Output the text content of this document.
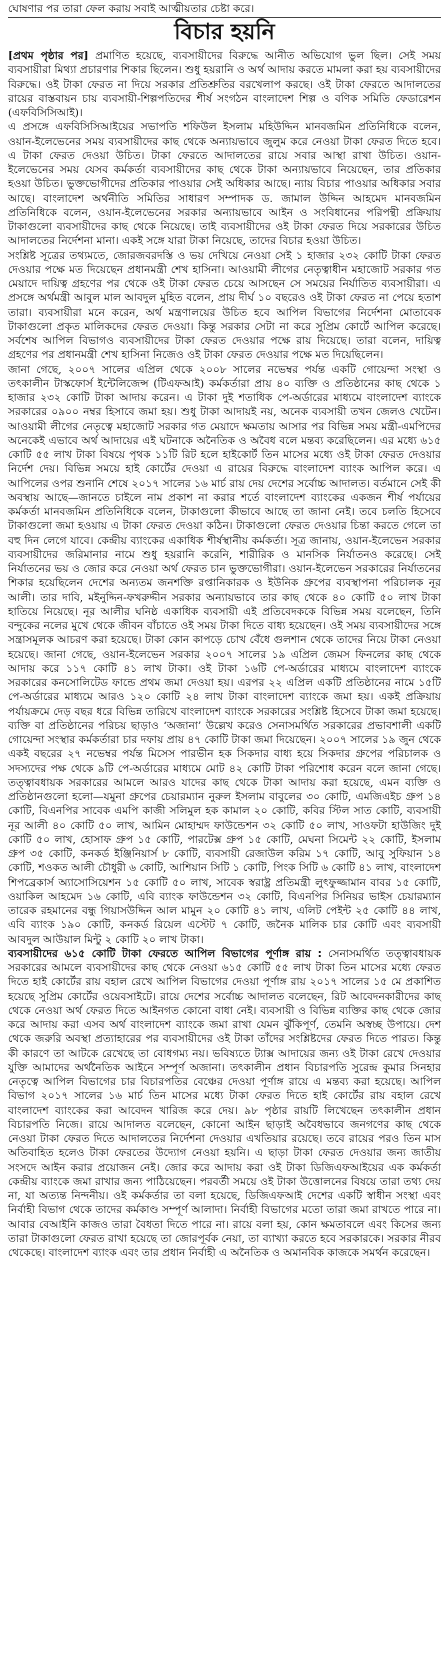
ঘোষণার পর তারা ফেল করায় সবাই আত্মীয়তার চেষ্টা করে।

বিচার হয়নি

[প্রথম পৃষ্ঠার পর] প্রমাণিত হয়েছে, ব্যবসায়ীদের বিরুদ্ধে আনীত অভিযোগ ভুল ছিল। সেই সময় ব্যবসায়ীরা মিথ্যা প্রচারণার শিকার ছিলেন। শুধু হয়রানি ও অর্থ আদায় করতে মামলা করা হয় ব্যবসায়ীদের বিরুদ্ধে। ওই টাকা ফেরত না দিয়ে সরকার প্রতিশ্রুতির বরখেলাপ করছে। ওই টাকা ফেরতে আদালতের রায়ের বাস্তবায়ন চায় ব্যবসায়ী-শিল্পপতিদের শীর্ষ সংগঠন বাংলাদেশ শিল্প ও বণিক সমিতি ফেডারেশন (এফবিসিসিআই)।

এ প্রসঙ্গে এফবিসিসিআইয়ের সভাপতি শফিউল ইসলাম মহিউদ্দিন মানবজমিন প্রতিনিধিকে বলেন, ওয়ান-ইলেভেনের সময় ব্যবসায়ীদের কাছ থেকে অন্যায়ভাবে জুলুম করে নেওয়া টাকা ফেরত দিতে হবে। এ টাকা ফেরত দেওয়া উচিত। টাকা ফেরতে আদালতের রায়ে সবার আস্থা রাখা উচিত। ওয়ান-ইলেভেনের সময় যেসব কর্মকর্তা ব্যবসায়ীদের কাছ থেকে টাকা অন্যায়ভাবে নিয়েছেন, তার প্রতিকার হওয়া উচিত। ভুক্তভোগীদের প্রতিকার পাওয়ার সেই অধিকার আছে। ন্যায় বিচার পাওয়ার অধিকার সবার আছে। বাংলাদেশ অর্থনীতি সমিতির সাধারণ সম্পাদক ড. জামাল উদ্দিন আহমেদ মানবজমিন প্রতিনিধিকে বলেন, ওয়ান-ইলেভেনের সরকার অন্যায়ভাবে আইন ও সংবিধানের পরিপন্থী প্রক্রিয়ায় টাকাগুলো ব্যবসায়ীদের কাছ থেকে নিয়েছে। তাই ব্যবসায়ীদের ওই টাকা ফেরত দিয়ে সরকারের উচিত আদালতের নির্দেশনা মানা। একই সঙ্গে যারা টাকা নিয়েছে, তাদের বিচার হওয়া উচিত।

সংশ্লিষ্ট সূত্রের তথ্যমতে, জোরজবরদস্তি ও ভয় দেখিয়ে নেওয়া সেই ১ হাজার ২৩২ কোটি টাকা ফেরত দেওয়ার পক্ষে মত দিয়েছেন প্রধানমন্ত্রী শেখ হাসিনা। আওয়ামী লীগের নেতৃত্বাধীন মহাজোট সরকার গত মেয়াদে দায়িত্ব গ্রহণের পর থেকে ওই টাকা ফেরত চেয়ে আসছেন সে সময়ের নির্যাতিত ব্যবসায়ীরা। এ প্রসঙ্গে অর্থমন্ত্রী আবুল মাল আবদুল মুহিত বলেন, প্রায় দীর্ঘ ১০ বছরেও ওই টাকা ফেরত না পেয়ে হতাশ তারা। ব্যবসায়ীরা মনে করেন, অর্থ মন্ত্রণালয়ের উচিত হবে আপিল বিভাগের নির্দেশনা মোতাবেক টাকাগুলো প্রকৃত মালিকদের ফেরত দেওয়া। কিন্তু সরকার সেটা না করে সুপ্রিম কোর্টে আপিল করেছে। সর্বশেষ আপিল বিভাগও ব্যবসায়ীদের টাকা ফেরত দেওয়ার পক্ষে রায় দিয়েছে। তারা বলেন, দায়িত্ব গ্রহণের পর প্রধানমন্ত্রী শেখ হাসিনা নিজেও ওই টাকা ফেরত দেওয়ার পক্ষে মত দিয়েছিলেন।

জানা গেছে, ২০০৭ সালের এপ্রিল থেকে ২০০৮ সালের নভেম্বর পর্যন্ত একটি গোয়েন্দা সংস্থা ও তৎকালীন টাস্কফোর্স ইন্টেলিজেন্স (টিএফআই) কর্মকর্তারা প্রায় ৪০ ব্যক্তি ও প্রতিষ্ঠানের কাছ থেকে ১ হাজার ২৩২ কোটি টাকা আদায় করেন। এ টাকা দুই শতাধিক পে-অর্ডারের মাধ্যমে বাংলাদেশ ব্যাংকে সরকারের ০৯০০ নম্বর হিসাবে জমা হয়। শুধু টাকা আদায়ই নয়, অনেক ব্যবসায়ী তখন জেলও খেটেন। আওয়ামী লীগের নেতৃত্বে মহাজোট সরকার গত মেয়াদে ক্ষমতায় আসার পর বিভিন্ন সময় মন্ত্রী-এমপিদের অনেকেই এভাবে অর্থ আদায়ের এই ঘটনাকে অনৈতিক ও অবৈধ বলে মন্তব্য করেছিলেন। এর মধ্যে ৬১৫ কোটি ৫৫ লাখ টাকা বিষয়ে পৃথক ১১টি রিট হলে হাইকোর্ট তিন মাসের মধ্যে ওই টাকা ফেরত দেওয়ার নির্দেশ দেয়। বিভিন্ন সময়ে হাই কোর্টের দেওয়া এ রায়ের বিরুদ্ধে বাংলাদেশ ব্যাংক আপিল করে। এ আপিলের ওপর শুনানি শেষে ২০১৭ সালের ১৬ মার্চ রায় দেয় দেশের সর্বোচ্চ আদালত। বর্তমানে সেই কী অবস্থায় আছে—জানতে চাইলে নাম প্রকাশ না করার শর্তে বাংলাদেশ ব্যাংকের একজন শীর্ষ পর্যায়ের কর্মকর্তা মানবজমিন প্রতিনিধিকে বলেন, টাকাগুলো কীভাবে আছে তা জানা নেই। তবে চলতি হিসেবে টাকাগুলো জমা হওয়ায় এ টাকা ফেরত দেওয়া কঠিন। টাকাগুলো ফেরত দেওয়ার চিন্তা করতে গেলে তা বহু দিন লেগে যাবে। কেন্দ্রীয় ব্যাংকের একাধিক শীর্ষস্থানীয় কর্মকর্তা। সূত্র জানায়, ওয়ান-ইলেভেন সরকার ব্যবসায়ীদের জরিমানার নামে শুধু হয়রানি করেনি, শারীরিক ও মানসিক নির্যাতনও করেছে। সেই নির্যাতনের ভয় ও জোর করে নেওয়া অর্থ ফেরত চান ভুক্তভোগীরা। ওয়ান-ইলেভেন সরকারের নির্যাতনের শিকার হয়েছিলেন দেশের অন্যতম জনশক্তি রপ্তানিকারক ও ইউনিক গ্রুপের ব্যবস্থাপনা পরিচালক নূর আলী। তার দাবি, মইনুদ্দিন-ফখরুদ্দীন সরকার অন্যায়ভাবে তার কাছ থেকে ৪০ কোটি ৫০ লাখ টাকা হাতিয়ে নিয়েছে। নূর আলীর ঘনিষ্ঠ একাধিক ব্যবসায়ী এই প্রতিবেদককে বিভিন্ন সময় বলেছেন, তিনি বন্দুকের নলের মুখে থেকে জীবন বাঁচাতে ওই সময় টাকা দিতে বাধ্য হয়েছেন। ওই সময় ব্যবসায়ীদের সঙ্গে সন্ত্রাসমূলক আচরণ করা হয়েছে। টাকা কোন কাপড়ে চোখ বেঁধে গুলশান থেকে তাদের নিয়ে টাকা নেওয়া হয়েছে। জানা গেছে, ওয়ান-ইলেভেন সরকার ২০০৭ সালের ১৯ এপ্রিল জেমস ফিনলের কাছ থেকে আদায় করে ১১৭ কোটি ৪১ লাখ টাকা। ওই টাকা ১৬টি পে-অর্ডারের মাধ্যমে বাংলাদেশ ব্যাংকে সরকারের কনসোলিটেড ফান্ডে প্রথম জমা দেওয়া হয়। এরপর ২২ এপ্রিল একটি প্রতিষ্ঠানের নামে ১৫টি পে-অর্ডারের মাধ্যমে আরও ১২০ কোটি ২৪ লাখ টাকা বাংলাদেশ ব্যাংকে জমা হয়। একই প্রক্রিয়ায় পর্যায়ক্রমে দেড় বছর ধরে বিভিন্ন তারিখে বাংলাদেশ ব্যাংকে সরকারের সংশ্লিষ্ট হিসেবে টাকা জমা হয়েছে। ব্যক্তি বা প্রতিষ্ঠানের পরিচয় ছাড়াও ‘অজানা’ উল্লেখ করেও সেনাসমর্থিত সরকারের প্রভাবশালী একটি গোয়েন্দা সংস্থার কর্মকর্তারা চার দফায় প্রায় ৪৭ কোটি টাকা জমা দিয়েছেন। ২০০৭ সালের ১৯ জুন থেকে একই বছরের ২৭ নভেম্বর পর্যন্ত মিসেস পারভীন হক সিকদার বাধ্য হয়ে সিকদার গ্রুপের পরিচালক ও সদস্যদের পক্ষ থেকে ৯টি পে-অর্ডারের মাধ্যমে মোট ৪২ কোটি টাকা পরিশোধ করেন বলে জানা গেছে। তত্ত্বাবধায়ক সরকারের আমলে আরও যাদের কাছ থেকে টাকা আদায় করা হয়েছে, এমন ব্যক্তি ও প্রতিষ্ঠানগুলো হলো—যমুনা গ্রুপের চেয়ারম্যান নুরুল ইসলাম বাবুলের ৩০ কোটি, এমজিএইচ গ্রুপ ১৪ কোটি, বিএনপির সাবেক এমপি কাজী সলিমুল হক কামাল ২০ কোটি, কবির স্টিল সাত কোটি, ব্যবসায়ী নূর আলী ৪০ কোটি ৫০ লাখ, আমিন মোহাম্মদ ফাউন্ডেশন ৩২ কোটি ৫০ লাখ, সাওফটা হাউজিং দুই কোটি ৫০ লাখ, হোসাফ গ্রুপ ১৫ কোটি, পারটেক্স গ্রুপ ১৫ কোটি, মেঘনা সিমেন্ট ২২ কোটি, ইসলাম গ্রুপ ৩৫ কোটি, কনকর্ড ইঞ্জিনিয়ার্স ৮ কোটি, ব্যবসায়ী রেজাউল করিম ১৭ কোটি, আবু সুফিয়ান ১৪ কোটি, শওকত আলী চৌধুরী ৬ কোটি, আশিয়ান সিটি ১ কোটি, পিংক সিটি ৬ কোটি ৪১ লাখ, বাংলাদেশ শিপব্রেকার্স অ্যাসোসিয়েশন ১৫ কোটি ৫০ লাখ, সাবেক স্বরাষ্ট্র প্রতিমন্ত্রী লুৎফুজ্জামান বাবর ১৫ কোটি, ওয়াকিল আহমেদ ১৬ কোটি, এবি ব্যাংক ফাউন্ডেশন ৩২ কোটি, বিএনপির সিনিয়র ভাইস চেয়ারম্যান তারেক রহমানের বন্ধু গিয়াসউদ্দিন আল মামুন ২০ কোটি ৪১ লাখ, এলিট পেইন্ট ২৫ কোটি ৪৪ লাখ, এবি ব্যাংক ১৯০ কোটি, কনকর্ড রিয়েল এস্টেট ৭ কোটি, জনৈক মালিক চার কোটি এবং ব্যবসায়ী আবদুল আউয়াল মিন্টু ২ কোটি ২০ লাখ টাকা।

ব্যবসায়ীদের ৬১৫ কোটি টাকা ফেরতে আপিল বিভাগের পূর্ণাঙ্গ রায় : সেনাসমর্থিত তত্ত্বাবধায়ক সরকারের আমলে ব্যবসায়ীদের কাছ থেকে নেওয়া ৬১৫ কোটি ৫৫ লাখ টাকা তিন মাসের মধ্যে ফেরত দিতে হাই কোর্টের রায় বহাল রেখে আপিল বিভাগের দেওয়া পূর্ণাঙ্গ রায় ২০১৭ সালের ১৫ মে প্রকাশিত হয়েছে সুপ্রিম কোর্টের ওয়েবসাইটে। রায়ে দেশের সর্বোচ্চ আদালত বলেছেন, রিট আবেদনকারীদের কাছ থেকে নেওয়া অর্থ ফেরত দিতে আইনগত কোনো বাধা নেই। ব্যবসায়ী ও বিভিন্ন ব্যক্তির কাছ থেকে জোর করে আদায় করা এসব অর্থ বাংলাদেশ ব্যাংকে জমা রাখা যেমন ঝুঁকিপূর্ণ, তেমনি অস্বচ্ছ উপায়ে। দেশ থেকে জরুরি অবস্থা প্রত্যাহারের পর ব্যবসায়ীদের ওই টাকা তাঁদের সংশ্লিষ্টদের ফেরত দিতে পারত। কিন্তু কী কারণে তা আটকে রেখেছে তা বোধগম্য নয়। ভবিষ্যতে ট্যাক্স আদায়ের জন্য ওই টাকা রেখে দেওয়ার যুক্তি আমাদের অর্থনৈতিক আইনে সম্পূর্ণ অজানা। তৎকালীন প্রধান বিচারপতি সুরেন্দ্র কুমার সিনহার নেতৃত্বে আপিল বিভাগের চার বিচারপতির বেঞ্চের দেওয়া পূর্ণাঙ্গ রায়ে এ মন্তব্য করা হয়েছে। আপিল বিভাগ ২০১৭ সালের ১৬ মার্চ তিন মাসের মধ্যে টাকা ফেরত দিতে হাই কোর্টের রায় বহাল রেখে বাংলাদেশ ব্যাংকের করা আবেদন খারিজ করে দেয়। ৯৮ পৃষ্ঠার রায়টি লিখেছেন তৎকালীন প্রধান বিচারপতি নিজে। রায়ে আদালত বলেছেন, কোনো আইন ছাড়াই অবৈধভাবে জনগণের কাছ থেকে নেওয়া টাকা ফেরত দিতে আদালতের নির্দেশনা দেওয়ার এখতিয়ার রয়েছে। তবে রায়ের পরও তিন মাস অতিবাহিত হলেও টাকা ফেরতের উদ্যোগ নেওয়া হয়নি। এ ছাড়া টাকা ফেরত দেওয়ার জন্য জাতীয় সংসদে আইন করার প্রয়োজন নেই। জোর করে আদায় করা ওই টাকা ডিজিএফআইয়ের এক কর্মকর্তা কেন্দ্রীয় ব্যাংকে জমা রাখার জন্য পাঠিয়েছেন। পরবর্তী সময়ে ওই টাকা উত্তোলনের বিষয়ে তারা তথ্য দেয় না, যা অত্যন্ত নিন্দনীয়। ওই কর্মকর্তার তা বলা হয়েছে, ডিজিএফআই দেশের একটি স্বাধীন সংস্থা এবং নির্বাহী বিভাগ থেকে তাদের কর্মকাণ্ড সম্পূর্ণ আলাদা। নির্বাহী বিভাগের মতো তারা জমা রাখতে পারে না। আবার বেআইনি কাজও তারা বৈধতা দিতে পারে না। রায়ে বলা হয়, কোন ক্ষমতাবলে এবং কিসের জন্য তারা টাকাগুলো ফেরত রাখা হয়েছে তা জোরপূর্বক নেয়া, তা ব্যাখ্যা করতে হবে সরকারকে। সরকার নীরব থেকেছে। বাংলাদেশ ব্যাংক এবং তার প্রধান নির্বাহী এ অনৈতিক ও অমানবিক কাজকে সমর্থন করেছেন।
